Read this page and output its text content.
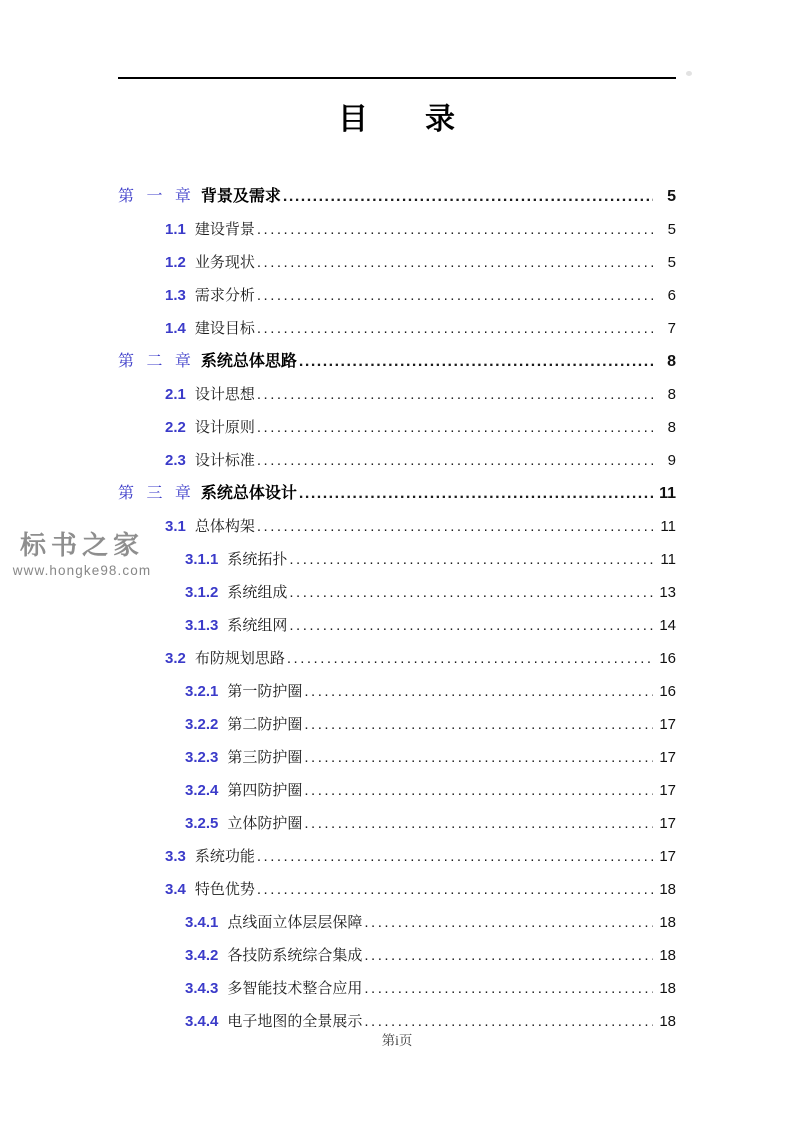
目      录
第 一 章 背景及需求 .....	5
1.1 建设背景 .....	5
1.2 业务现状 .....	5
1.3 需求分析 .....	6
1.4 建设目标 .....	7
第 二 章 系统总体思路 .....	8
2.1 设计思想 .....	8
2.2 设计原则 .....	8
2.3 设计标准 .....	9
第 三 章 系统总体设计 .....	11
3.1 总体构架 .....	11
3.1.1 系统拓扑 .....	11
3.1.2 系统组成 .....	13
3.1.3 系统组网 .....	14
3.2 布防规划思路 .....	16
3.2.1 第一防护圈 .....	16
3.2.2 第二防护圈 .....	17
3.2.3 第三防护圈 .....	17
3.2.4 第四防护圈 .....	17
3.2.5 立体防护圈 .....	17
3.3 系统功能 .....	17
3.4 特色优势 .....	18
3.4.1 点线面立体层层保障 .....	18
3.4.2 各技防系统综合集成 .....	18
3.4.3 多智能技术整合应用 .....	18
3.4.4 电子地图的全景展示 .....	18
标书之家
www.hongke98.com
第i页
